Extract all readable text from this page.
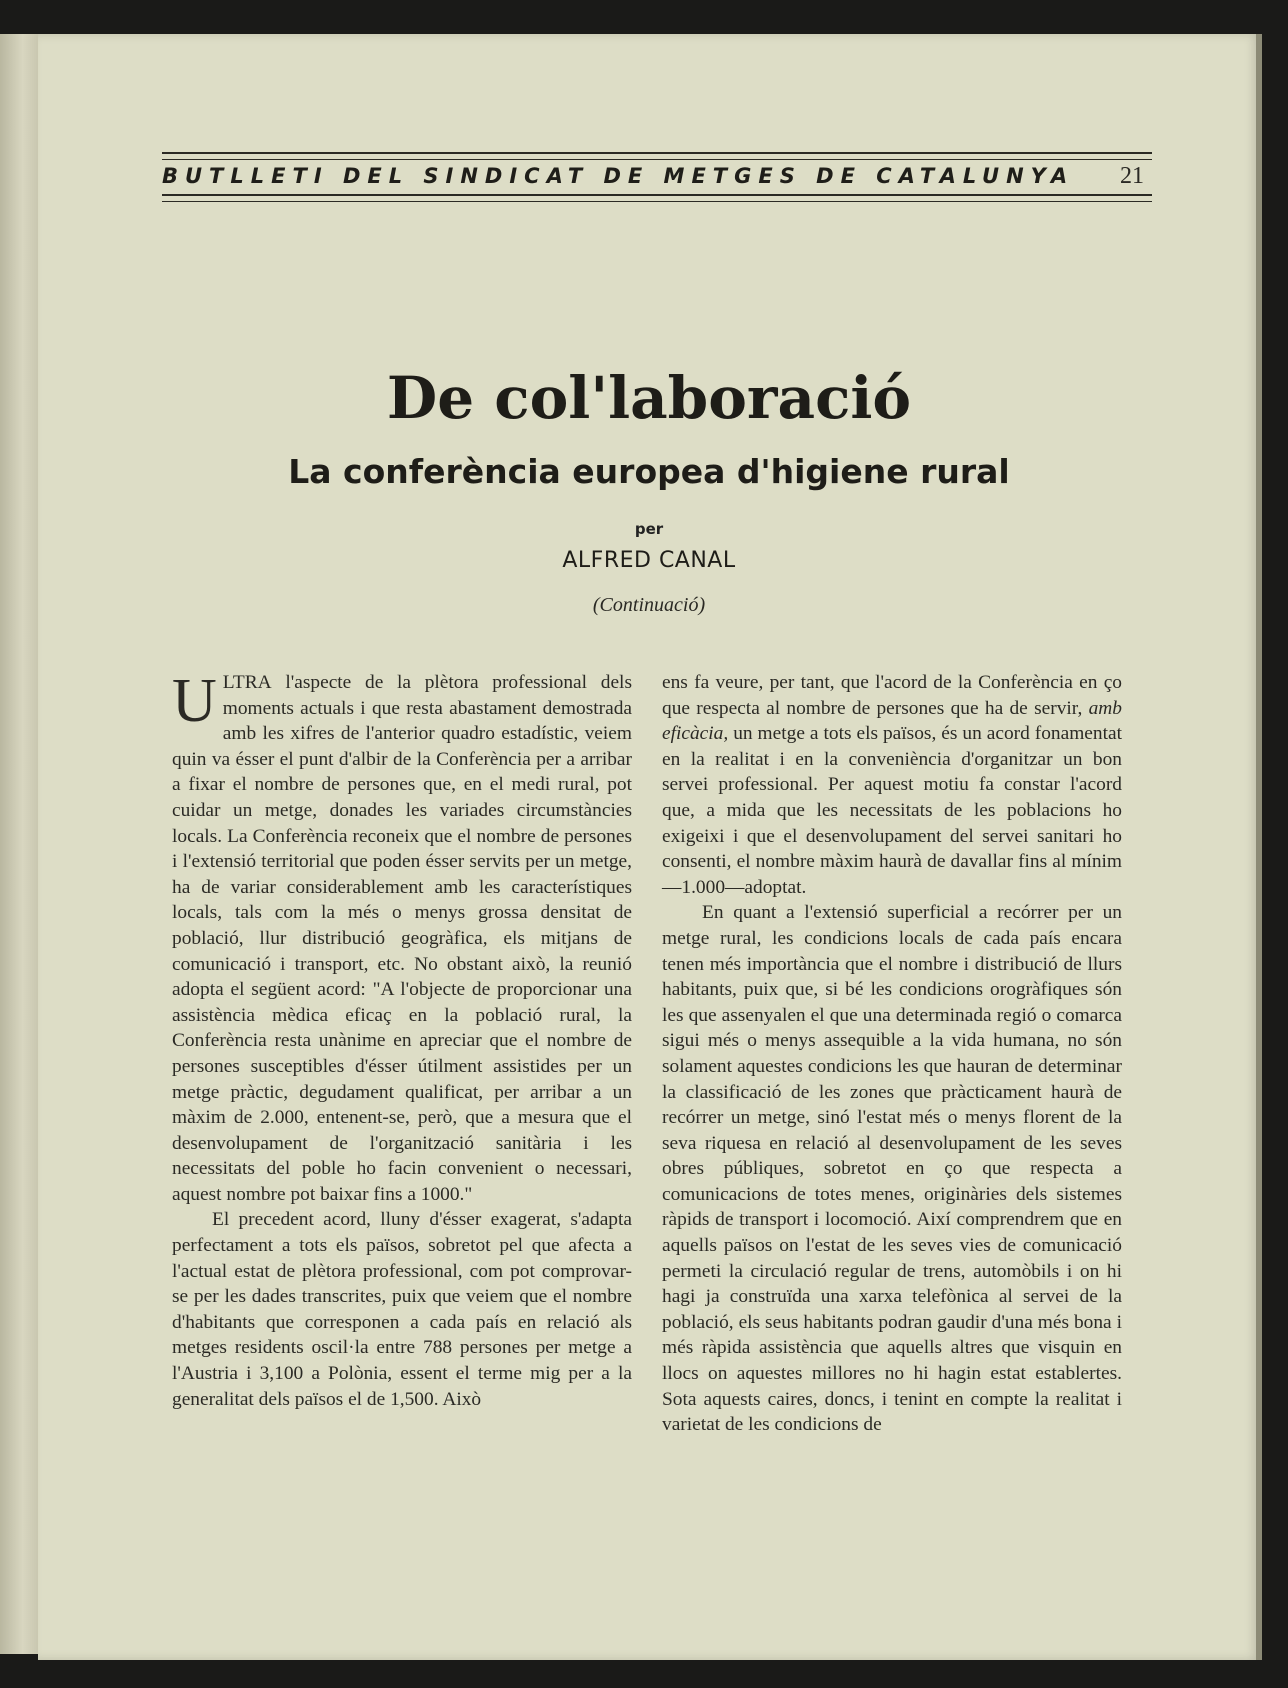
BUTLLETI DEL SINDICAT DE METGES DE CATALUNYA	21
De col'laboració
La conferència europea d'higiene rural
per
ALFRED CANAL
(Continuació)

ULTRA l'aspecte de la plètora professional dels moments actuals i que resta abastament demostrada amb les xifres de l'anterior quadro estadístic, veiem quin va ésser el punt d'albir de la Conferència per a arribar a fixar el nombre de persones que, en el medi rural, pot cuidar un metge, donades les variades circumstàncies locals. La Conferència reconeix que el nombre de persones i l'extensió territorial que poden ésser servits per un metge, ha de variar considerablement amb les característiques locals, tals com la més o menys grossa densitat de població, llur distribució geogràfica, els mitjans de comunicació i transport, etc. No obstant això, la reunió adopta el següent acord: "A l'objecte de proporcionar una assistència mèdica eficaç en la població rural, la Conferència resta unànime en apreciar que el nombre de persones susceptibles d'ésser útilment assistides per un metge pràctic, degudament qualificat, per arribar a un màxim de 2.000, entenent-se, però, que a mesura que el desenvolupament de l'organització sanitària i les necessitats del poble ho facin convenient o necessari, aquest nombre pot baixar fins a 1000."

El precedent acord, lluny d'ésser exagerat, s'adapta perfectament a tots els països, sobretot pel que afecta a l'actual estat de plètora professional, com pot comprovar-se per les dades transcrites, puix que veiem que el nombre d'habitants que corresponen a cada país en relació als metges residents oscil·la entre 788 persones per metge a l'Austria i 3,100 a Polònia, essent el terme mig per a la generalitat dels països el de 1,500. Això

ens fa veure, per tant, que l'acord de la Conferència en ço que respecta al nombre de persones que ha de servir, amb eficàcia, un metge a tots els països, és un acord fonamentat en la realitat i en la conveniència d'organitzar un bon servei professional. Per aquest motiu fa constar l'acord que, a mida que les necessitats de les poblacions ho exigeixi i que el desenvolupament del servei sanitari ho consenti, el nombre màxim haurà de davallar fins al mínim—1.000—adoptat.

En quant a l'extensió superficial a recórrer per un metge rural, les condicions locals de cada país encara tenen més importància que el nombre i distribució de llurs habitants, puix que, si bé les condicions orogràfiques són les que assenyalen el que una determinada regió o comarca sigui més o menys assequible a la vida humana, no són solament aquestes condicions les que hauran de determinar la classificació de les zones que pràcticament haurà de recórrer un metge, sinó l'estat més o menys florent de la seva riquesa en relació al desenvolupament de les seves obres públiques, sobretot en ço que respecta a comunicacions de totes menes, originàries dels sistemes ràpids de transport i locomoció. Així comprendrem que en aquells països on l'estat de les seves vies de comunicació permeti la circulació regular de trens, automòbils i on hi hagi ja construïda una xarxa telefònica al servei de la població, els seus habitants podran gaudir d'una més bona i més ràpida assistència que aquells altres que visquin en llocs on aquestes millores no hi hagin estat establertes. Sota aquests caires, doncs, i tenint en compte la realitat i varietat de les condicions de
